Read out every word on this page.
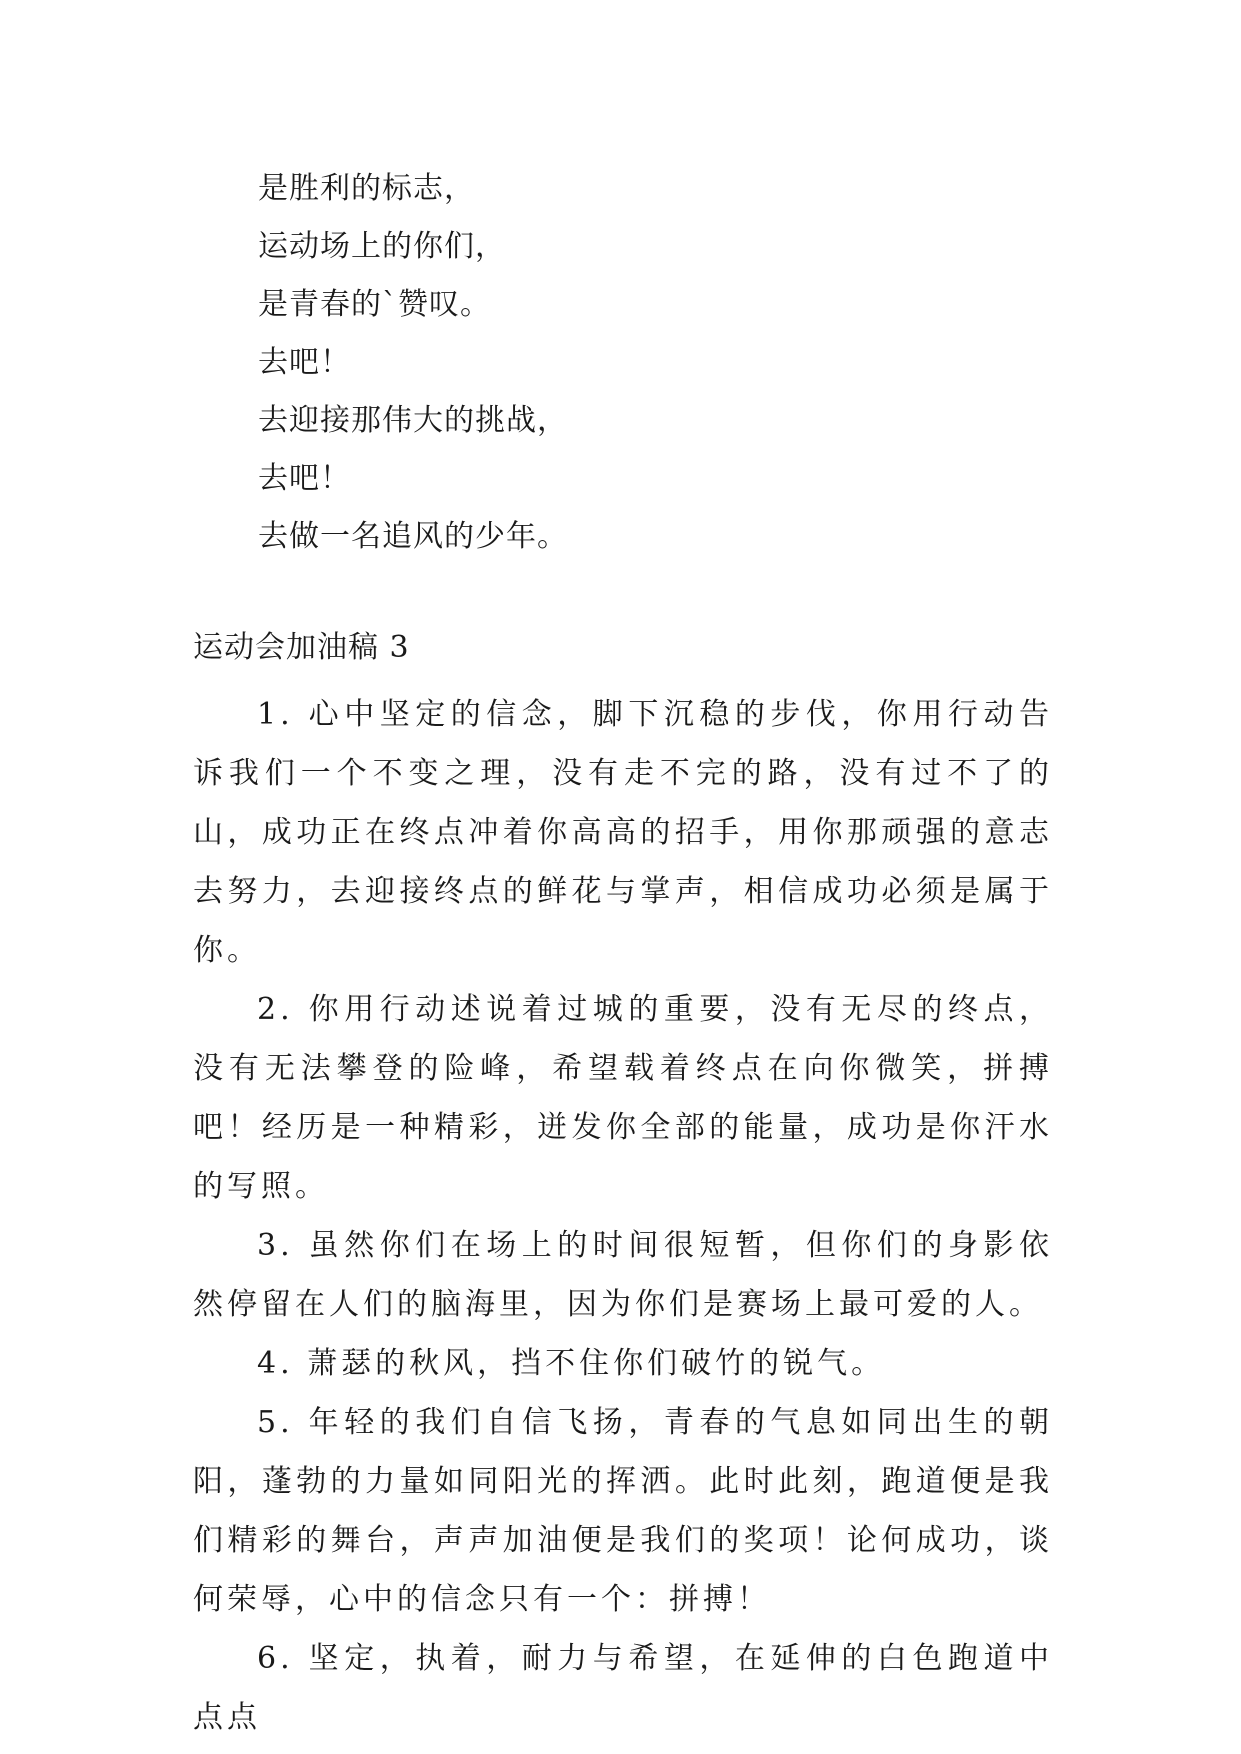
是胜利的标志，
运动场上的你们，
是青春的`赞叹。
去吧！
去迎接那伟大的挑战，
去吧！
去做一名追风的少年。
运动会加油稿 3

1. 心中坚定的信念，脚下沉稳的步伐，你用行动告诉我们一个不变之理，没有走不完的路，没有过不了的山，成功正在终点冲着你高高的招手，用你那顽强的意志去努力，去迎接终点的鲜花与掌声，相信成功必须是属于你。

2. 你用行动述说着过城的重要，没有无尽的终点，没有无法攀登的险峰，希望载着终点在向你微笑，拼搏吧！经历是一种精彩，迸发你全部的能量，成功是你汗水的写照。

3. 虽然你们在场上的时间很短暂，但你们的身影依然停留在人们的脑海里，因为你们是赛场上最可爱的人。

4. 萧瑟的秋风，挡不住你们破竹的锐气。

5. 年轻的我们自信飞扬，青春的气息如同出生的朝阳，蓬勃的力量如同阳光的挥洒。此时此刻，跑道便是我们精彩的舞台，声声加油便是我们的奖项！论何成功，谈何荣辱，心中的信念只有一个：拼搏！

6. 坚定，执着，耐力与希望，在延伸的白色跑道中点点
